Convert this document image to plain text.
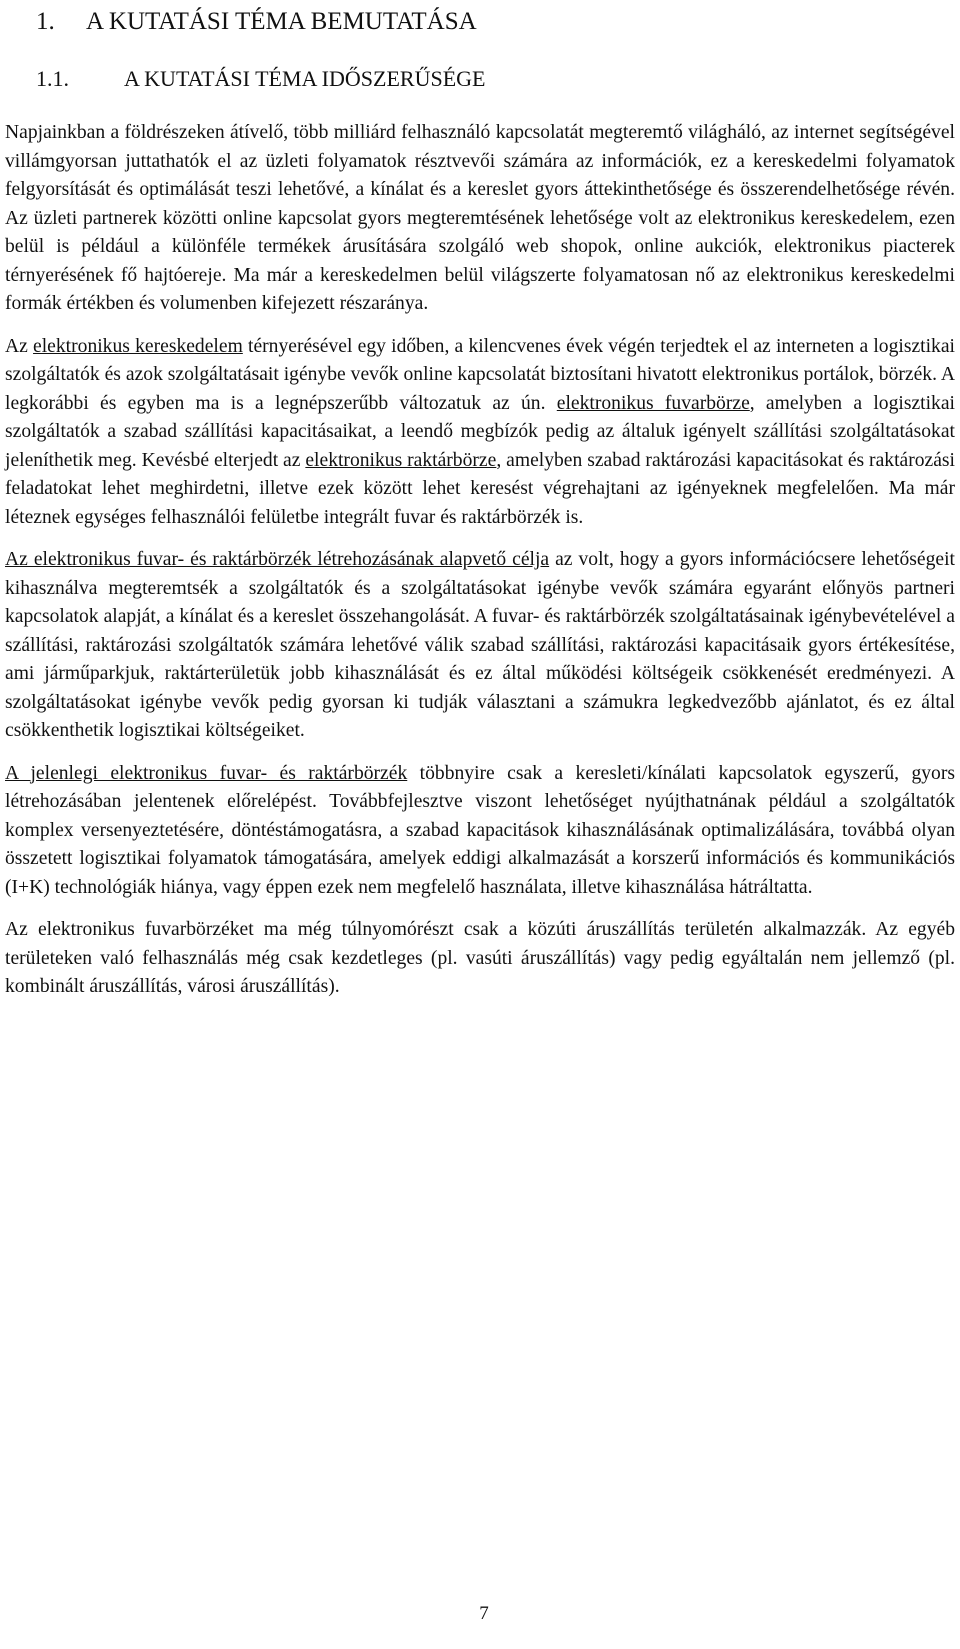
1. A KUTATÁSI TÉMA BEMUTATÁSA
1.1.	A KUTATÁSI TÉMA IDŐSZERŰSÉGE

Napjainkban a földrészeken átívelő, több milliárd felhasználó kapcsolatát megteremtő világháló, az internet segítségével villámgyorsan juttathatók el az üzleti folyamatok résztvevői számára az információk, ez a kereskedelmi folyamatok felgyorsítását és optimálását teszi lehetővé, a kínálat és a kereslet gyors áttekinthetősége és összerendelhetősége révén. Az üzleti partnerek közötti online kapcsolat gyors megteremtésének lehetősége volt az elektronikus kereskedelem, ezen belül is például a különféle termékek árusítására szolgáló web shopok, online aukciók, elektronikus piacterek térnyerésének fő hajtóereje. Ma már a kereskedelmen belül világszerte folyamatosan nő az elektronikus kereskedelmi formák értékben és volumenben kifejezett részaránya.

Az elektronikus kereskedelem térnyerésével egy időben, a kilencvenes évek végén terjedtek el az interneten a logisztikai szolgáltatók és azok szolgáltatásait igénybe vevők online kapcsolatát biztosítani hivatott elektronikus portálok, börzék. A legkorábbi és egyben ma is a legnépszerűbb változatuk az ún. elektronikus fuvarbörze, amelyben a logisztikai szolgáltatók a szabad szállítási kapacitásaikat, a leendő megbízók pedig az általuk igényelt szállítási szolgáltatásokat jeleníthetik meg. Kevésbé elterjedt az elektronikus raktárbörze, amelyben szabad raktározási kapacitásokat és raktározási feladatokat lehet meghirdetni, illetve ezek között lehet keresést végrehajtani az igényeknek megfelelően. Ma már léteznek egységes felhasználói felületbe integrált fuvar és raktárbörzék is.

Az elektronikus fuvar- és raktárbörzék létrehozásának alapvető célja az volt, hogy a gyors információcsere lehetőségeit kihasználva megteremtsék a szolgáltatók és a szolgáltatásokat igénybe vevők számára egyaránt előnyös partneri kapcsolatok alapját, a kínálat és a kereslet összehangolását. A fuvar- és raktárbörzék szolgáltatásainak igénybevételével a szállítási, raktározási szolgáltatók számára lehetővé válik szabad szállítási, raktározási kapacitásaik gyors értékesítése, ami járműparkjuk, raktárterületük jobb kihasználását és ez által működési költségeik csökkenését eredményezi. A szolgáltatásokat igénybe vevők pedig gyorsan ki tudják választani a számukra legkedvezőbb ajánlatot, és ez által csökkenthetik logisztikai költségeiket.

A jelenlegi elektronikus fuvar- és raktárbörzék többnyire csak a keresleti/kínálati kapcsolatok egyszerű, gyors létrehozásában jelentenek előrelépést. Továbbfejlesztve viszont lehetőséget nyújthatnának például a szolgáltatók komplex versenyeztetésére, döntéstámogatásra, a szabad kapacitások kihasználásának optimalizálására, továbbá olyan összetett logisztikai folyamatok támogatására, amelyek eddigi alkalmazását a korszerű információs és kommunikációs (I+K) technológiák hiánya, vagy éppen ezek nem megfelelő használata, illetve kihasználása hátráltatta.

Az elektronikus fuvarbörzéket ma még túlnyomórészt csak a közúti áruszállítás területén alkalmazzák. Az egyéb területeken való felhasználás még csak kezdetleges (pl. vasúti áruszállítás) vagy pedig egyáltalán nem jellemző (pl. kombinált áruszállítás, városi áruszállítás).

7
